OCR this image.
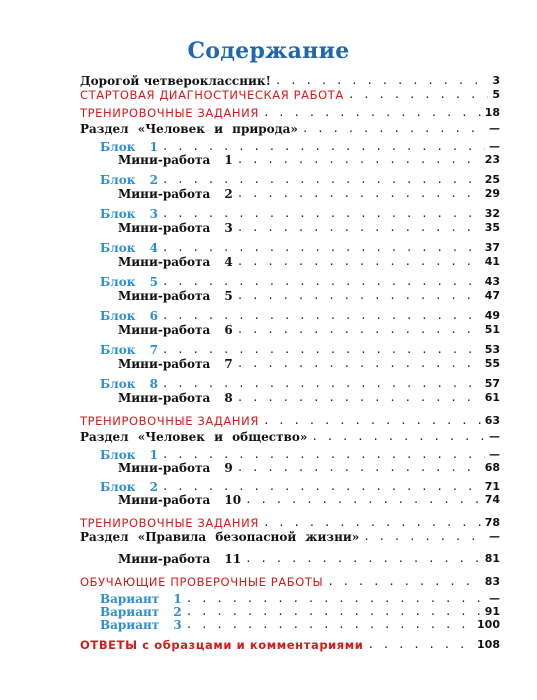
Содержание
Дорогой четвероклассник! . . .	3
СТАРТОВАЯ ДИАГНОСТИЧЕСКАЯ РАБОТА . . .	5
ТРЕНИРОВОЧНЫЕ ЗАДАНИЯ . . .	18
Раздел «Человек и природа» . . .	—
Блок 1 . . .	—
Мини-работа 1 . . .	23
Блок 2 . . .	25
Мини-работа 2 . . .	29
Блок 3 . . .	32
Мини-работа 3 . . .	35
Блок 4 . . .	37
Мини-работа 4 . . .	41
Блок 5 . . .	43
Мини-работа 5 . . .	47
Блок 6 . . .	49
Мини-работа 6 . . .	51
Блок 7 . . .	53
Мини-работа 7 . . .	55
Блок 8 . . .	57
Мини-работа 8 . . .	61
ТРЕНИРОВОЧНЫЕ ЗАДАНИЯ . . .	63
Раздел «Человек и общество» . . .	—
Блок 1 . . .	—
Мини-работа 9 . . .	68
Блок 2 . . .	71
Мини-работа 10 . . .	74
ТРЕНИРОВОЧНЫЕ ЗАДАНИЯ . . .	78
Раздел «Правила безопасной жизни» . . .	—
Мини-работа 11 . . .	81
ОБУЧАЮЩИЕ ПРОВЕРОЧНЫЕ РАБОТЫ . . .	83
Вариант 1 . . .	—
Вариант 2 . . .	91
Вариант 3 . . .	100
ОТВЕТЫ с образцами и комментариями . . .	108
